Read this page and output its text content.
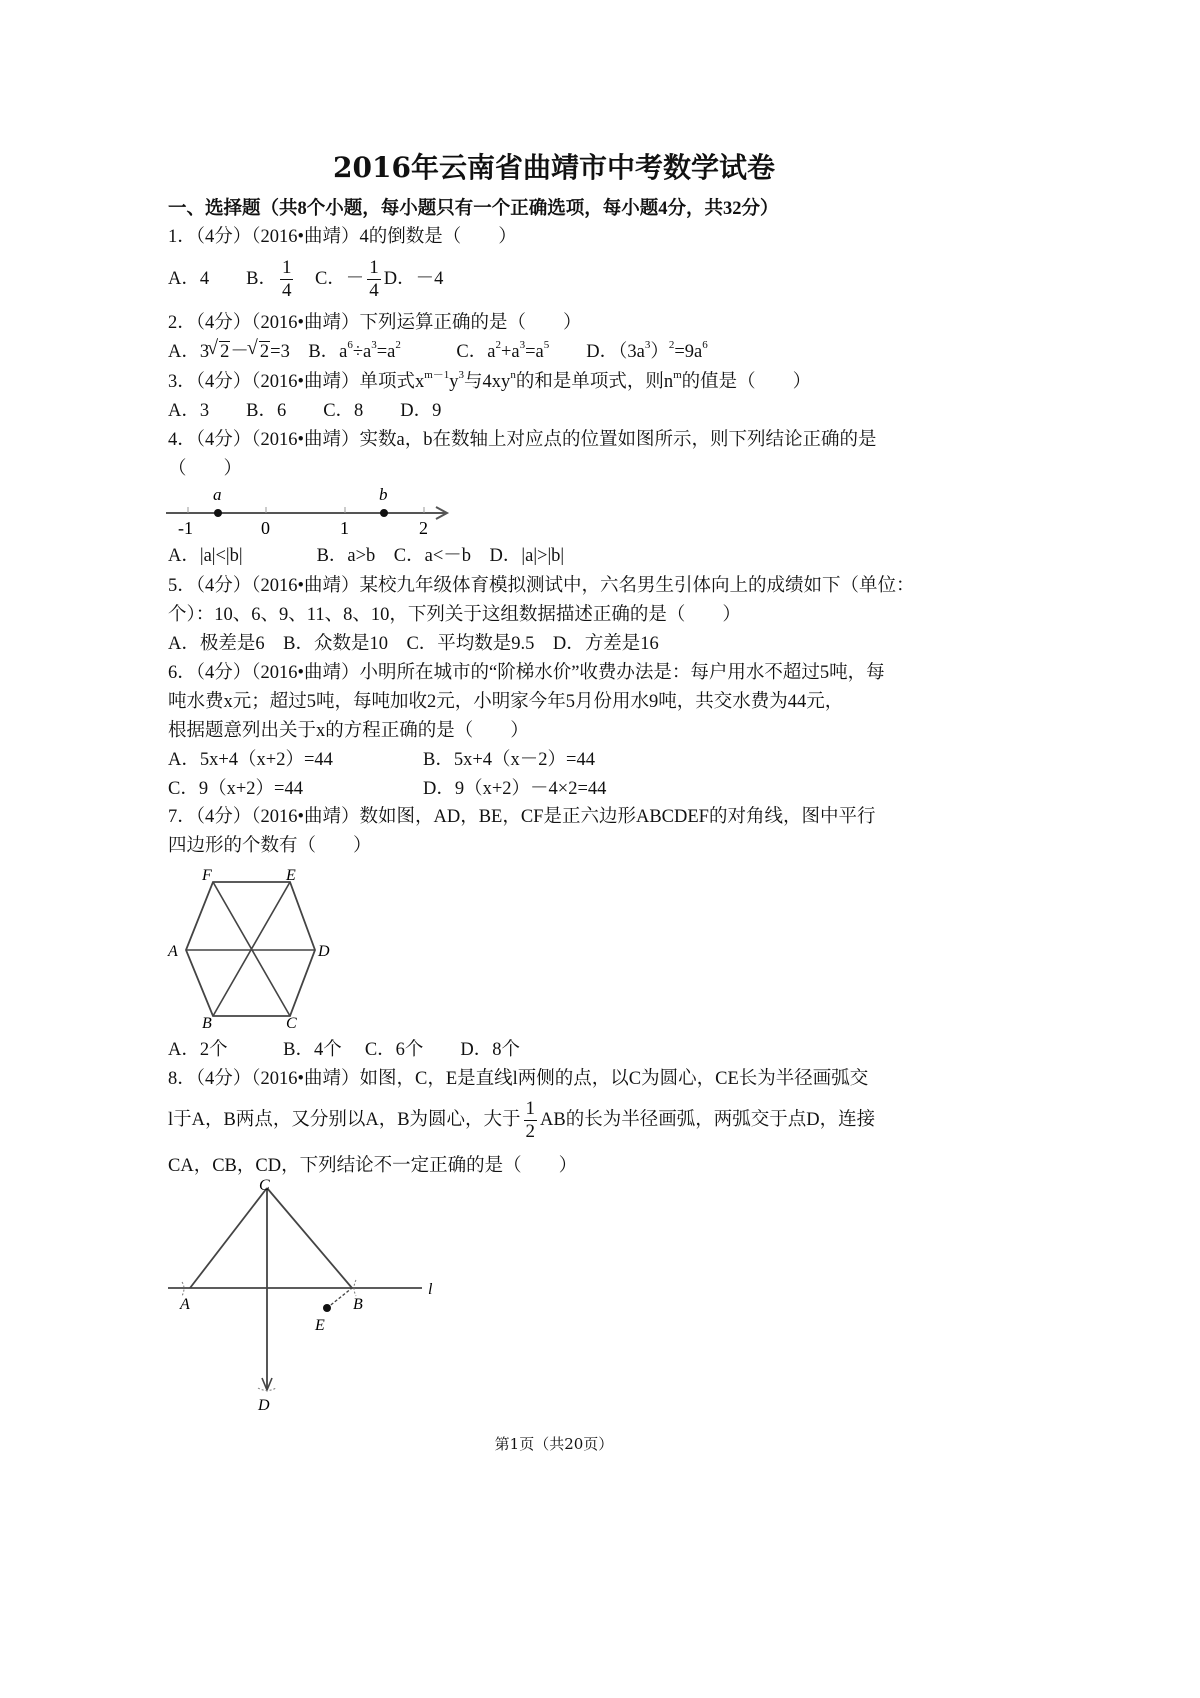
2016年云南省曲靖市中考数学试卷
一、选择题（共8个小题，每小题只有一个正确选项，每小题4分，共32分）
1．（4分）（2016•曲靖）4的倒数是（　　）
A．4　　B． $\frac{1}{4}$ 　C．－ $\frac{1}{4}$ D．－4
2．（4分）（2016•曲靖）下列运算正确的是（　　）
A．3 √ 2－ √ 2=3　B．$a^6\div a^3=a^2$　　　C．$a^2+a^3=a^5$　　D．$(3a^3)^2=9a^6$
3．（4分）（2016•曲靖）单项式$x^{m-1}y^3$与$4xy^n$的和是单项式，则$n^m$的值是（　　）
A．3　　B．6　　C．8　　D．9
4．（4分）（2016•曲靖）实数a，b在数轴上对应点的位置如图所示，则下列结论正确的是
（　　）
a	b
-1	0	1	2
A．|a|<|b|　　　　B．a>b　C．a<－b　D．|a|>|b|
5．（4分）（2016•曲靖）某校九年级体育模拟测试中，六名男生引体向上的成绩如下（单位：
个）：10、6、9、11、8、10，下列关于这组数据描述正确的是（　　）
A．极差是6　B．众数是10　C．平均数是9.5　D．方差是16
6．（4分）（2016•曲靖）小明所在城市的“阶梯水价”收费办法是：每户用水不超过5吨，每
吨水费x元；超过5吨，每吨加收2元，小明家今年5月份用水9吨，共交水费为44元，
根据题意列出关于x的方程正确的是（　　）
A．5x+4（x+2）=44	B．5x+4（x－2）=44
C．9（x+2）=44	D．9（x+2）－4×2=44
7．（4分）（2016•曲靖）数如图，AD，BE，CF是正六边形ABCDEF的对角线，图中平行
四边形的个数有（　　）
F	E
A	D
B	C
A．2个　　　B．4个　 C．6个　　D．8个
8．（4分）（2016•曲靖）如图，C，E是直线l两侧的点，以C为圆心，CE长为半径画弧交
l于A，B两点，又分别以A，B为圆心，大于 $\frac{1}{2}$ AB的长为半径画弧，两弧交于点D，连接
CA，CB，CD，下列结论不一定正确的是（　　）
C
A	B
E
D
l
第1页（共20页）
